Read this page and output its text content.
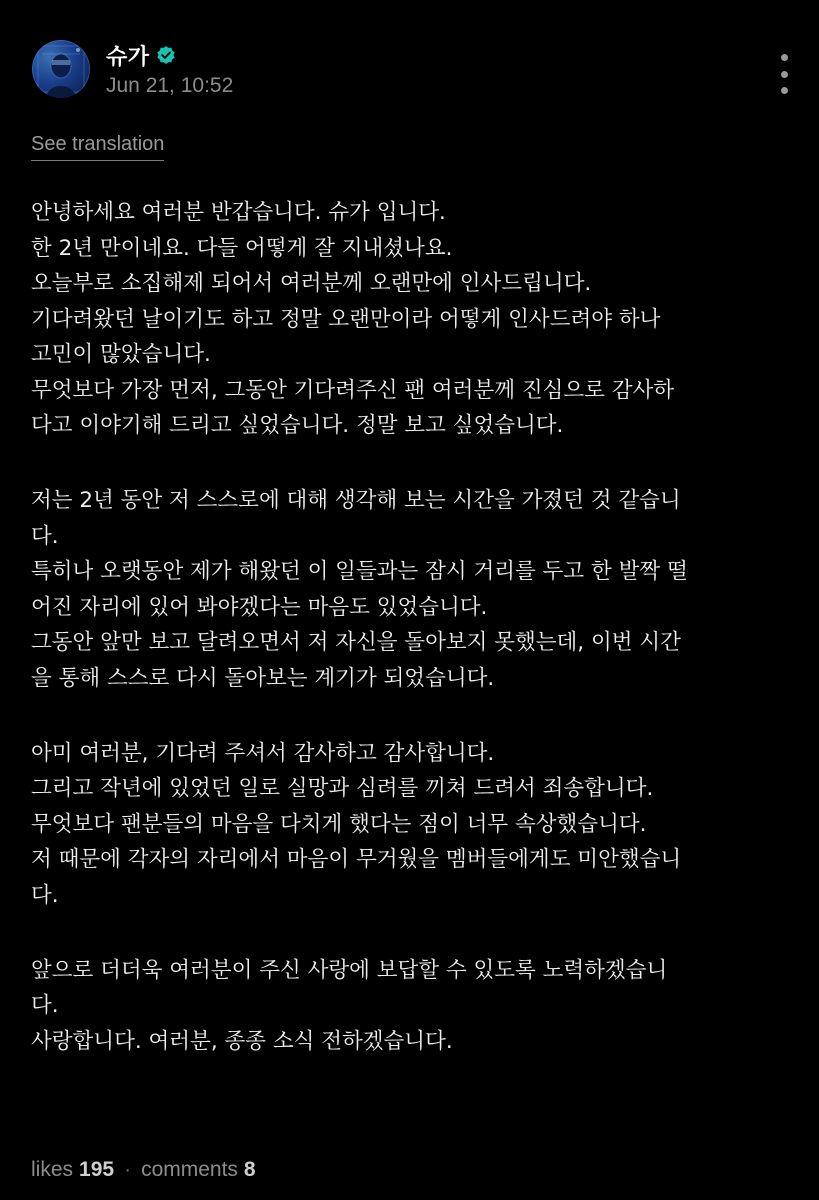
슈가
Jun 21, 10:52
See translation
안녕하세요 여러분 반갑습니다. 슈가 입니다.
한 2년 만이네요. 다들 어떻게 잘 지내셨나요.
오늘부로 소집해제 되어서 여러분께 오랜만에 인사드립니다.
기다려왔던 날이기도 하고 정말 오랜만이라 어떻게 인사드려야 하나
고민이 많았습니다.
무엇보다 가장 먼저, 그동안 기다려주신 팬 여러분께 진심으로 감사하
다고 이야기해 드리고 싶었습니다. 정말 보고 싶었습니다.
저는 2년 동안 저 스스로에 대해 생각해 보는 시간을 가졌던 것 같습니
다.
특히나 오랫동안 제가 해왔던 이 일들과는 잠시 거리를 두고 한 발짝 떨
어진 자리에 있어 봐야겠다는 마음도 있었습니다.
그동안 앞만 보고 달려오면서 저 자신을 돌아보지 못했는데, 이번 시간
을 통해 스스로 다시 돌아보는 계기가 되었습니다.
아미 여러분, 기다려 주셔서 감사하고 감사합니다.
그리고 작년에 있었던 일로 실망과 심려를 끼쳐 드려서 죄송합니다.
무엇보다 팬분들의 마음을 다치게 했다는 점이 너무 속상했습니다.
저 때문에 각자의 자리에서 마음이 무거웠을 멤버들에게도 미안했습니
다.
앞으로 더더욱 여러분이 주신 사랑에 보답할 수 있도록 노력하겠습니
다.
사랑합니다. 여러분, 종종 소식 전하겠습니다.
likes 195 · comments 8
